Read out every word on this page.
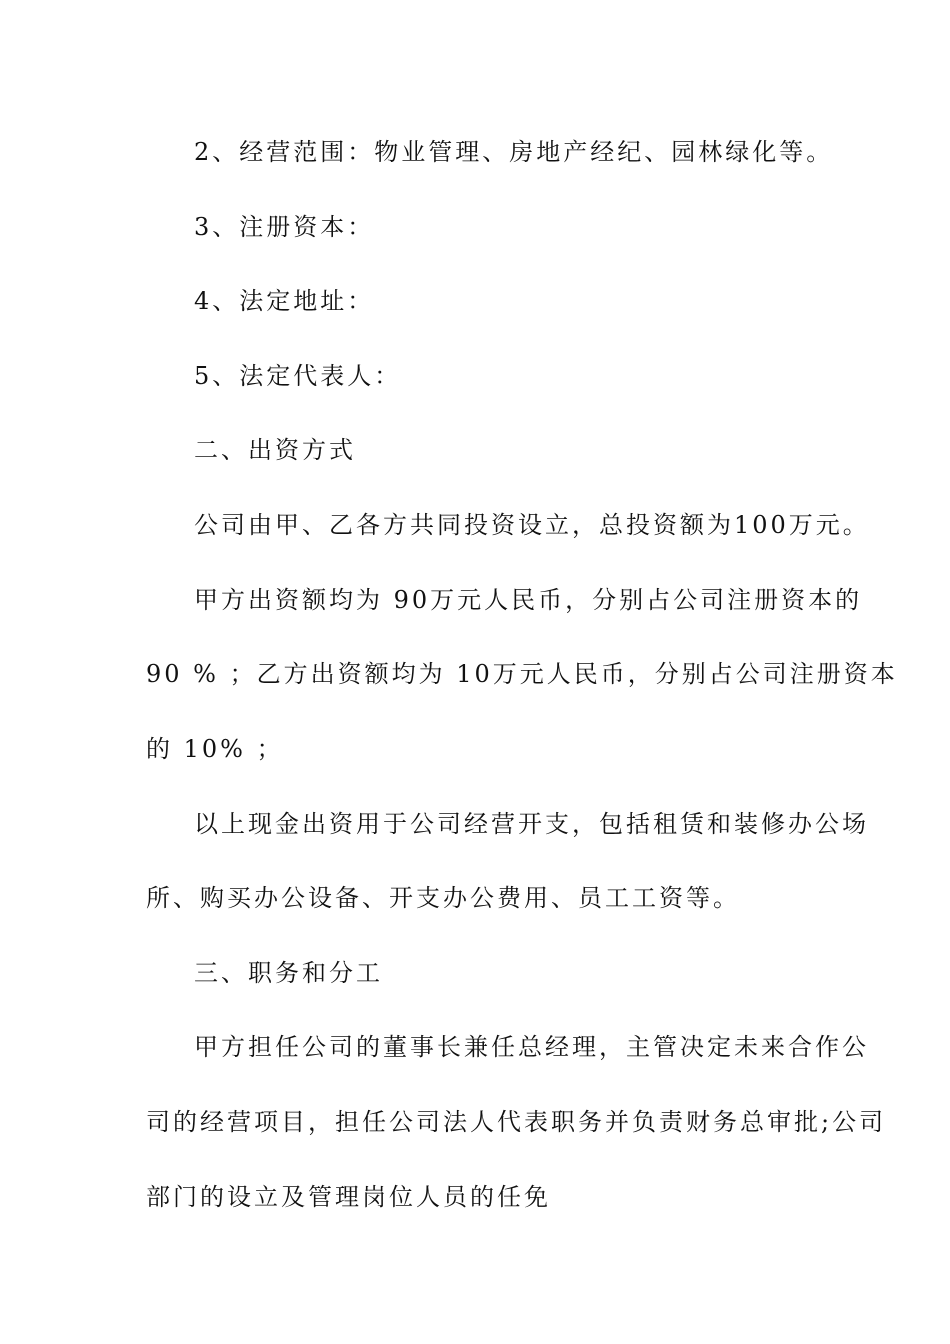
2、经营范围：物业管理、房地产经纪、园林绿化等。
3、注册资本：
4、法定地址：
5、法定代表人：
二、出资方式
公司由甲、乙各方共同投资设立，总投资额为100万元。
甲方出资额均为 90万元人民币，分别占公司注册资本的
90 % ；乙方出资额均为 10万元人民币，分别占公司注册资本
的 10% ；
以上现金出资用于公司经营开支，包括租赁和装修办公场
所、购买办公设备、开支办公费用、员工工资等。
三、职务和分工
甲方担任公司的董事长兼任总经理，主管决定未来合作公
司的经营项目，担任公司法人代表职务并负责财务总审批;公司
部门的设立及管理岗位人员的任免
